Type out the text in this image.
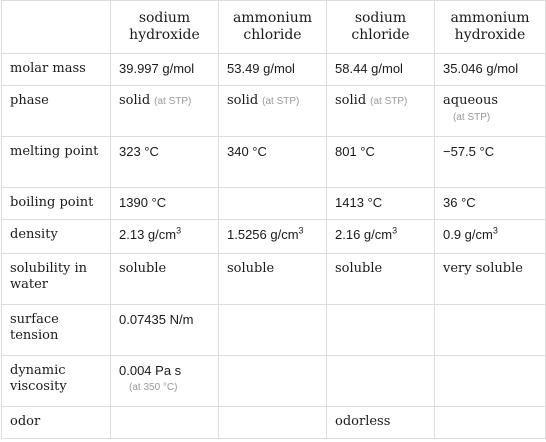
	sodium hydroxide	ammonium chloride	sodium chloride	ammonium hydroxide
molar mass	39.997 g/mol	53.49 g/mol	58.44 g/mol	35.046 g/mol
phase	solid (at STP)	solid (at STP)	solid (at STP)	aqueous
(at STP)

melting point	323 °C	340 °C	801 °C	−57.5 °C
boiling point	1390 °C		1413 °C	36 °C
density	2.13 $g/cm^3$	1.5256 $g/cm^3$	2.16 $g/cm^3$	0.9 $g/cm^3$
solubility in water	soluble	soluble	soluble	very soluble
surface tension	0.07435 N/m			
dynamic viscosity	0.004 Pa s
(at 350 °C)			

odor			odorless	
